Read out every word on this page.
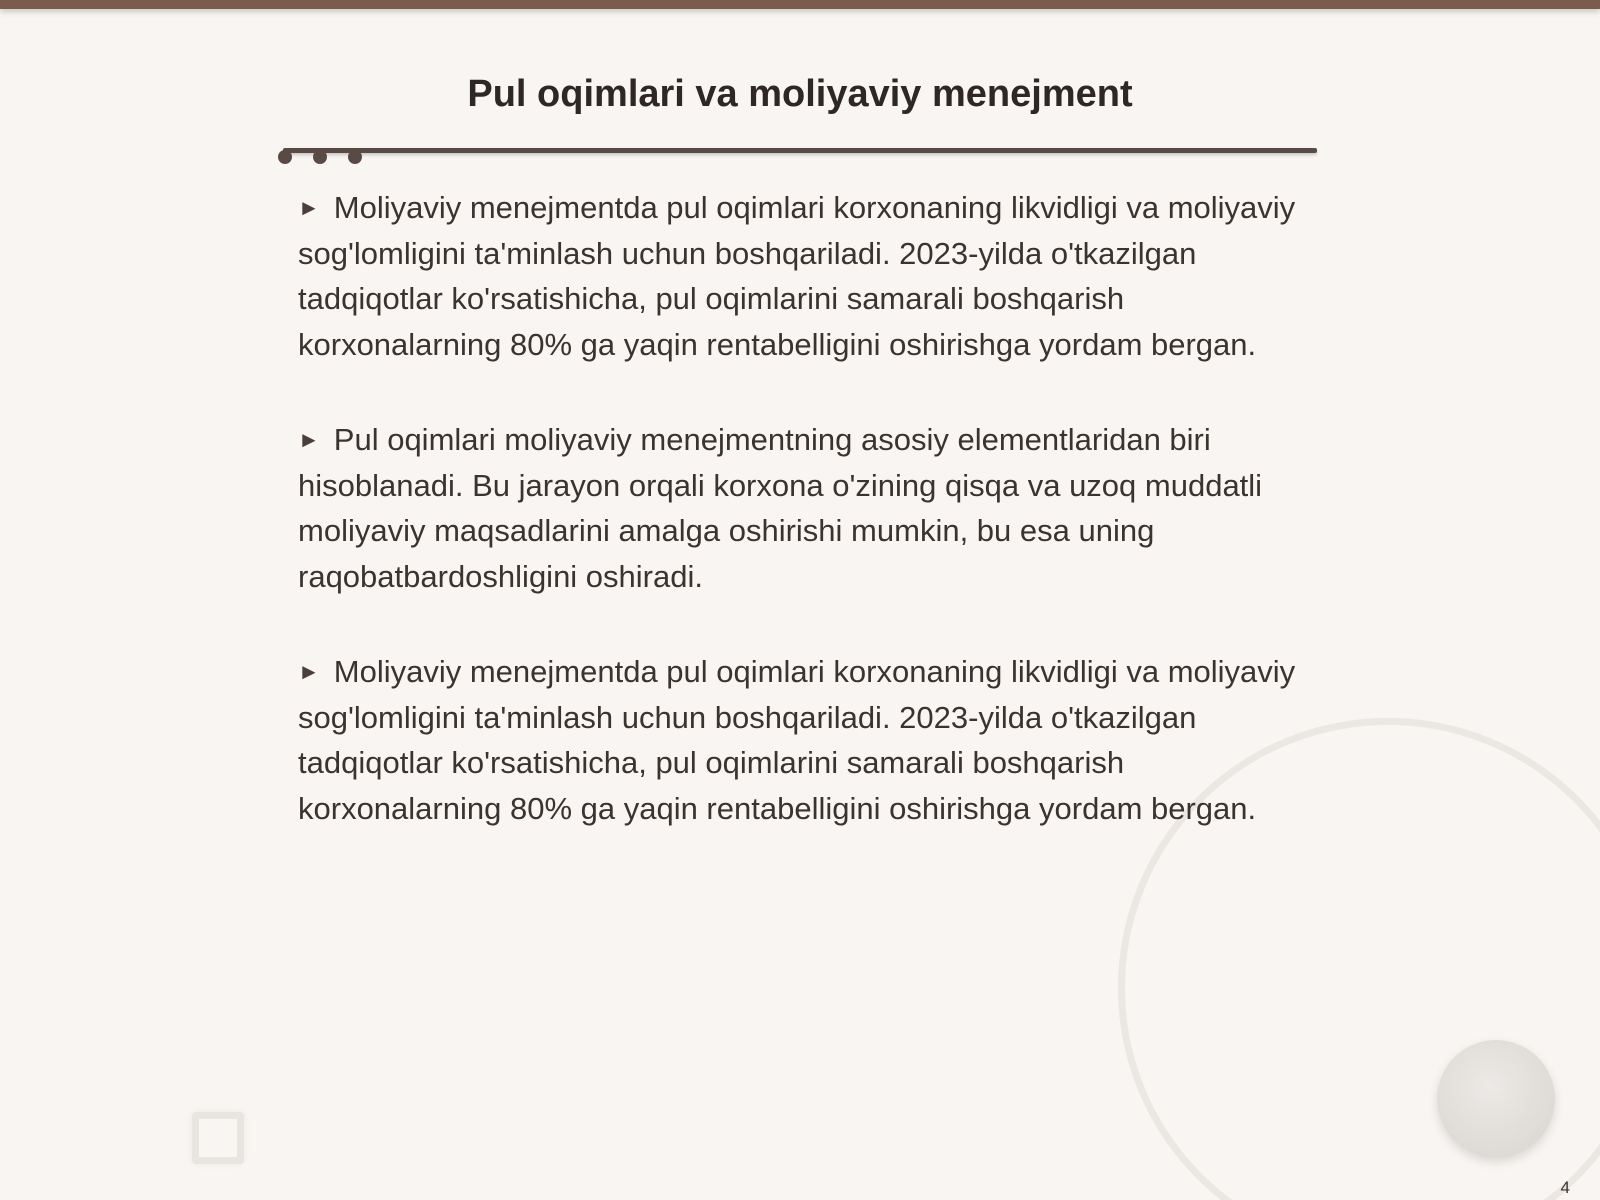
Pul oqimlari va moliyaviy menejment

► Moliyaviy menejmentda pul oqimlari korxonaning likvidligi va moliyaviy sog'lomligini ta'minlash uchun boshqariladi. 2023-yilda o'tkazilgan tadqiqotlar ko'rsatishicha, pul oqimlarini samarali boshqarish korxonalarning 80% ga yaqin rentabelligini oshirishga yordam bergan.

► Pul oqimlari moliyaviy menejmentning asosiy elementlaridan biri hisoblanadi. Bu jarayon orqali korxona o'zining qisqa va uzoq muddatli moliyaviy maqsadlarini amalga oshirishi mumkin, bu esa uning raqobatbardoshligini oshiradi.

► Moliyaviy menejmentda pul oqimlari korxonaning likvidligi va moliyaviy sog'lomligini ta'minlash uchun boshqariladi. 2023-yilda o'tkazilgan tadqiqotlar ko'rsatishicha, pul oqimlarini samarali boshqarish korxonalarning 80% ga yaqin rentabelligini oshirishga yordam bergan.

4
